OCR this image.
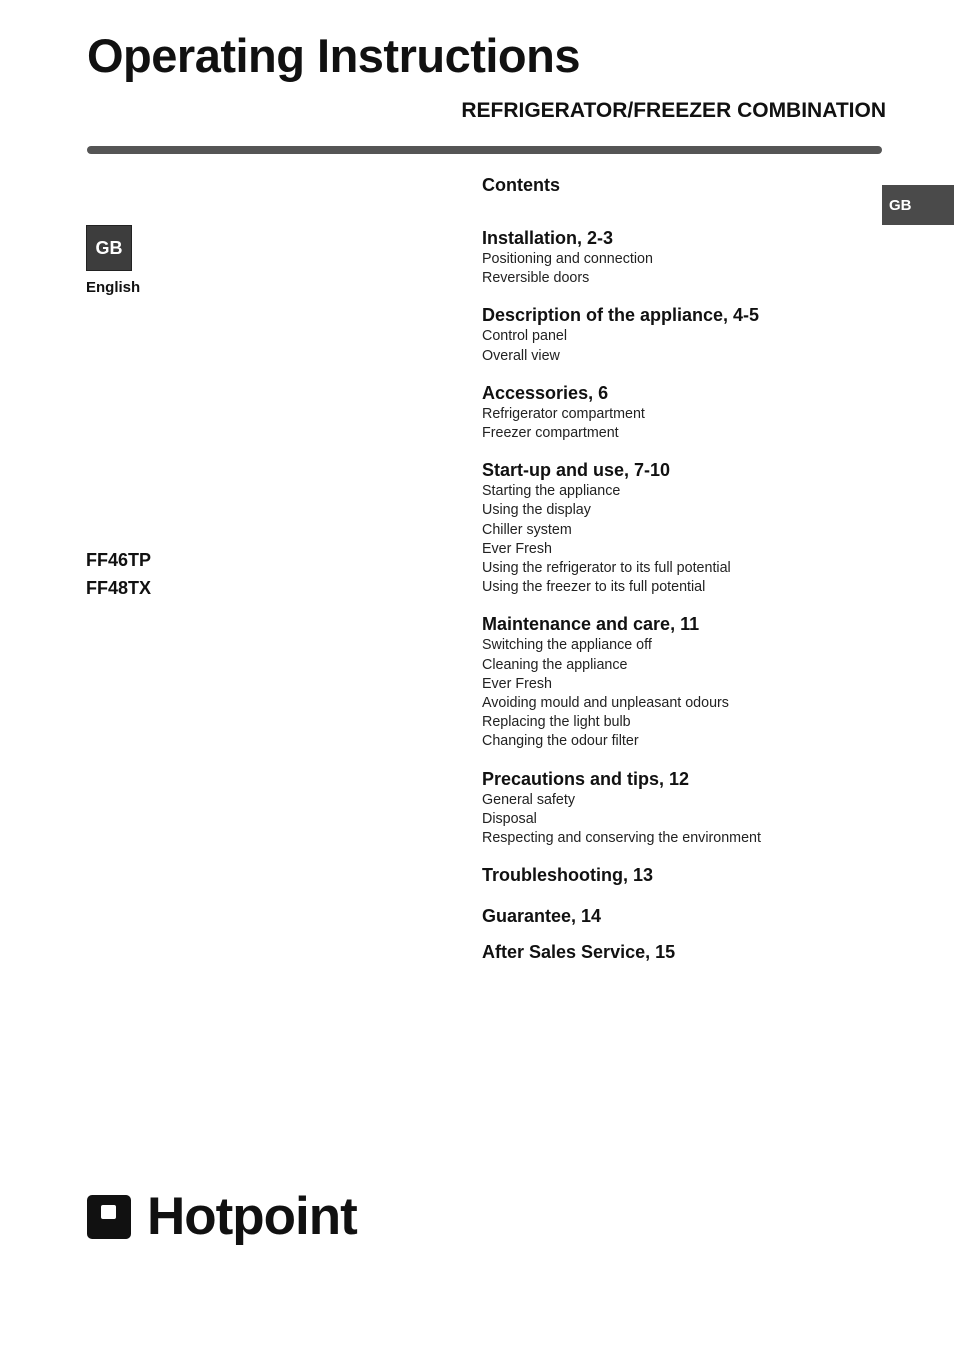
Operating Instructions
REFRIGERATOR/FREEZER COMBINATION
GB
GB
English
FF46TP
FF48TX
Contents
Installation, 2-3
Positioning and connection
Reversible doors
Description of the appliance, 4-5
Control panel
Overall view
Accessories, 6
Refrigerator compartment
Freezer compartment
Start-up and use, 7-10
Starting the appliance
Using the display
Chiller system
Ever Fresh
Using the refrigerator to its full potential
Using the freezer to its full potential
Maintenance and care, 11
Switching the appliance off
Cleaning the appliance
Ever Fresh
Avoiding mould and unpleasant odours
Replacing the light bulb
Changing the odour filter
Precautions and tips, 12
General safety
Disposal
Respecting and conserving the environment
Troubleshooting, 13
Guarantee, 14
After Sales Service, 15
Hotpoint
